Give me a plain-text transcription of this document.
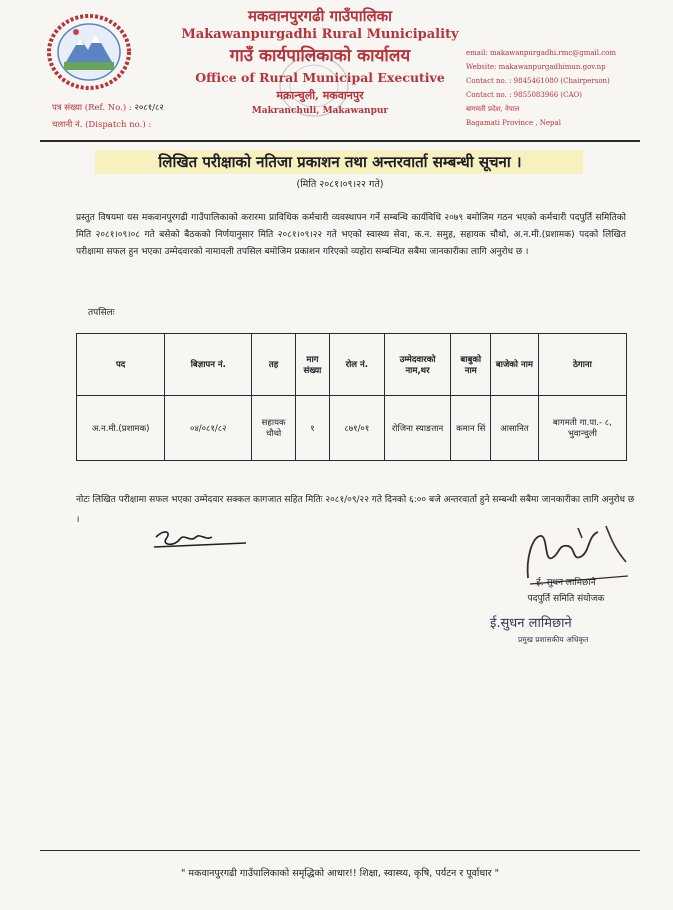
मकवानपुरगढी गाउँपालिका
Makawanpurgadhi Rural Municipality
गाउँ कार्यपालिकाको कार्यालय
Office of Rural Municipal Executive
मक्रान्चुली, मकवानपुर
Makranchuli, Makawanpur
email: makawanpurgadhi.rmc@gmail.com
Website: makawanpurgadhimun.gov.np
Contact no. : 9845461080 (Chairperson)
Contact no. : 9855083966 (CAO)
बागमती प्रदेश, नेपाल
Bagamati Province , Nepal
पत्र संख्या (Ref. No.) : २०८१/८२
चलानी नं. (Dispatch no.) :
लिखित परीक्षाको नतिजा प्रकाशन तथा अन्तरवार्ता सम्बन्धी सूचना ।
(मिति २०८१।०९।२२ गते)
प्रस्तुत विषयमा यस मकवानपुरगढी गाउँपालिकाको करारमा प्राविधिक कर्मचारी व्यवस्थापन गर्ने सम्बन्धि कार्यविधि २०७९ बमोजिम गठन भएको कर्मचारी पदपुर्ति समितिको मिति २०८१।०९।०८ गते बसेको बैठकको निर्णयानुसार मिति २०८१।०९।२२ गते भएको स्वास्थ्य सेवा, क.न. समुह, सहायक चौथो, अ.न.मी.(प्रशामक) पदको लिखित परीक्षामा सफल हुन भएका उम्मेदवारको नामावली तपसिल बमोजिम प्रकाशन गरिएको व्यहोरा सम्बन्धित सबैमा जानकारीका लागि अनुरोध छ ।
तपसिलः
पद	बिज्ञापन नं.	तह	माग संख्या	रोल नं.	उम्मेदवारको नाम,थर	बाबुको नाम	बाजेको नाम	ठेगाना
अ.न.मी.(प्रशामक)	०४/०८१/८२	सहायक चौथो	१	८७१/०१	रोजिना स्याङतान	कमान सिं	आसानित	बागमती गा.पा.- ८, भुवान्चुली
नोटः लिखित परीक्षामा सफल भएका उम्मेदवार सक्कल कागजात सहित मितिः २०८१/०९/२२ गते दिनको ६:०० बजे अन्तरवार्ता हुने सम्बन्धी सबैमा जानकारीका लागि अनुरोध छ ।
ई. सुधन लामिछाने
पदपुर्ति समिति संयोजक
ई.सुधन लामिछाने
प्रमुख प्रशासकीय अधिकृत
" मकवानपुरगढी गाउँपालिकाको समृद्धिको आधार!! शिक्षा, स्वास्थ्य, कृषि, पर्यटन र पूर्वाधार "
